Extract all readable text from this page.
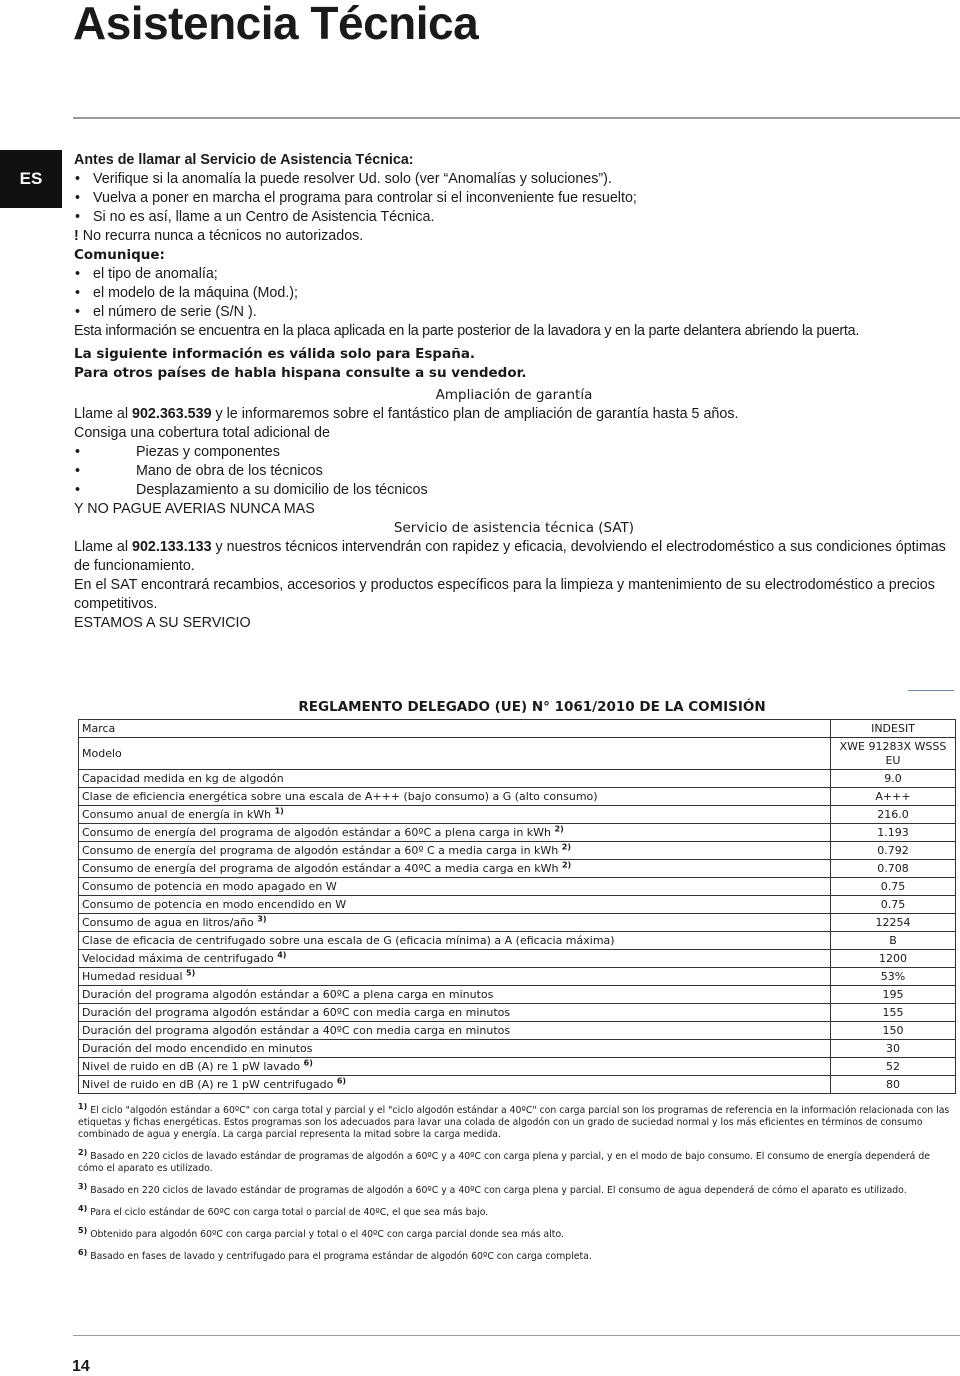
Asistencia Técnica
ES
Antes de llamar al Servicio de Asistencia Técnica:
• Verifique si la anomalía la puede resolver Ud. solo (ver “Anomalías y soluciones”).
• Vuelva a poner en marcha el programa para controlar si el inconveniente fue resuelto;
• Si no es así, llame a un Centro de Asistencia Técnica.
! No recurra nunca a técnicos no autorizados.
Comunique:
• el tipo de anomalía;
• el modelo de la máquina (Mod.);
• el número de serie (S/N ).
Esta información se encuentra en la placa aplicada en la parte posterior de la lavadora y en la parte delantera abriendo la puerta.
La siguiente información es válida solo para España.
Para otros países de habla hispana consulte a su vendedor.
Ampliación de garantía
Llame al 902.363.539 y le informaremos sobre el fantástico plan de ampliación de garantía hasta 5 años.
Consiga una cobertura total adicional de
• Piezas y componentes
• Mano de obra de los técnicos
• Desplazamiento a su domicilio de los técnicos
Y NO PAGUE AVERIAS NUNCA MAS
Servicio de asistencia técnica (SAT)
Llame al 902.133.133 y nuestros técnicos intervendrán con rapidez y eficacia, devolviendo el electrodoméstico a sus condiciones óptimas de funcionamiento.
En el SAT encontrará recambios, accesorios y productos específicos para la limpieza y mantenimiento de su electrodoméstico a precios competitivos.
ESTAMOS A SU SERVICIO
REGLAMENTO DELEGADO (UE) N° 1061/2010 DE LA COMISIÓN
Marca	INDESIT

Modelo	XWE 91283X WSSS
EU

Capacidad medida en kg de algodón	9.0

Clase de eficiencia energética sobre una escala de A+++ (bajo consumo) a G (alto consumo)	A+++

Consumo anual de energía in kWh $^{1)}$	216.0

Consumo de energía del programa de algodón estándar a 60ºC a plena carga in kWh $^{2)}$	1.193

Consumo de energía del programa de algodón estándar a 60º C a media carga in kWh $^{2)}$	0.792

Consumo de energía del programa de algodón estándar a 40ºC a media carga en kWh $^{2)}$	0.708

Consumo de potencia en modo apagado en W	0.75

Consumo de potencia en modo encendido en W	0.75

Consumo de agua en litros/año $^{3)}$	12254

Clase de eficacia de centrifugado sobre una escala de G (eficacia mínima) a A (eficacia máxima)	B

Velocidad máxima de centrifugado $^{4)}$	1200

Humedad residual $^{5)}$	53%

Duración del programa algodón estándar a 60ºC a plena carga en minutos	195

Duración del programa algodón estándar a 60ºC con media carga en minutos	155

Duración del programa algodón estándar a 40ºC con media carga en minutos	150

Duración del modo encendido en minutos	30

Nivel de ruido en dB (A) re 1 pW lavado $^{6)}$	52

Nivel de ruido en dB (A) re 1 pW centrifugado $^{6)}$	80
$^{1)}$ El ciclo "algodón estándar a 60ºC" con carga total y parcial y el "ciclo algodón estándar a 40ºC" con carga parcial son los programas de referencia en la información relacionada con las etiquetas y fichas energéticas. Estos programas son los adecuados para lavar una colada de algodón con un grado de suciedad normal y los más eficientes en términos de consumo combinado de agua y energía. La carga parcial representa la mitad sobre la carga medida.
$^{2)}$ Basado en 220 ciclos de lavado estándar de programas de algodón a 60ºC y a 40ºC con carga plena y parcial, y en el modo de bajo consumo. El consumo de energía dependerá de cómo el aparato es utilizado.
$^{3)}$ Basado en 220 ciclos de lavado estándar de programas de algodón a 60ºC y a 40ºC con carga plena y parcial. El consumo de agua dependerá de cómo el aparato es utilizado.
$^{4)}$ Para el ciclo estándar de 60ºC con carga total o parcial de 40ºC, el que sea más bajo.
$^{5)}$ Obtenido para algodón 60ºC con carga parcial y total o el 40ºC con carga parcial donde sea más alto.
$^{6)}$ Basado en fases de lavado y centrifugado para el programa estándar de algodón 60ºC con carga completa.
14
